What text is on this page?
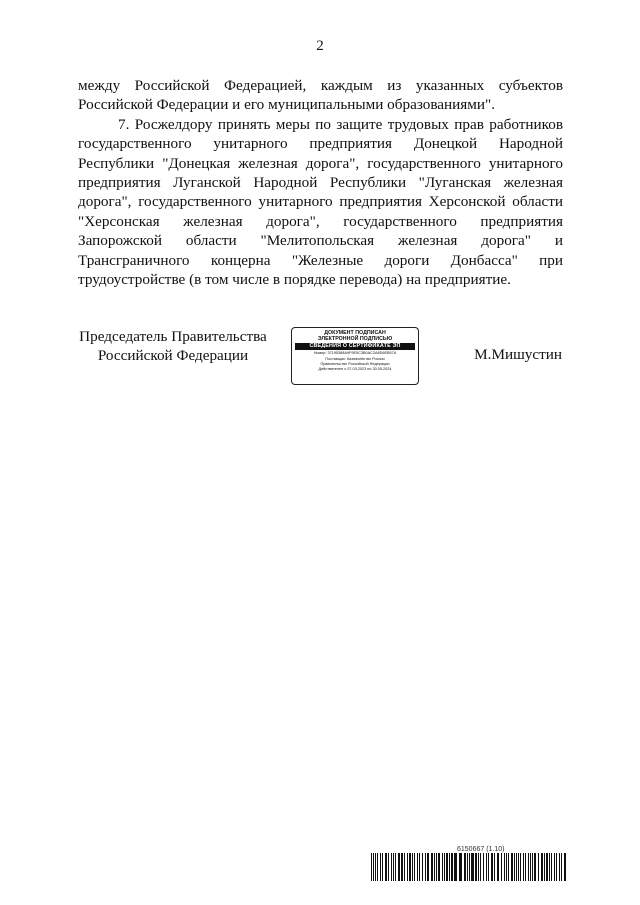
2

между Российской Федерацией, каждым из указанных субъектов Российской Федерации и его муниципальными образованиями".

7. Росжелдору принять меры по защите трудовых прав работников государственного унитарного предприятия Донецкой Народной Республики "Донецкая железная дорога", государственного унитарного предприятия Луганской Народной Республики "Луганская железная дорога", государственного унитарного предприятия Херсонской области "Херсонская железная дорога", государственного предприятия Запорожской области "Мелитопольская железная дорога" и Трансграничного концерна "Железные дороги Донбасса" при трудоустройстве (в том числе в порядке перевода) на предприятие.

Председатель Правительства
Российской Федерации
ДОКУМЕНТ ПОДПИСАН
ЭЛЕКТРОННОЙ ПОДПИСЬЮ
СВЕДЕНИЯ О СЕРТИФИКАТЕ ЭП
Номер: 37195388A9F9E5C3B0AC2A8D6EB57A
Поставщик: Казначейство России
Правительство Российской Федерации
Действителен с 07.03.2023 по 30.05.2024
М.Мишустин
6150667 (1.10)
